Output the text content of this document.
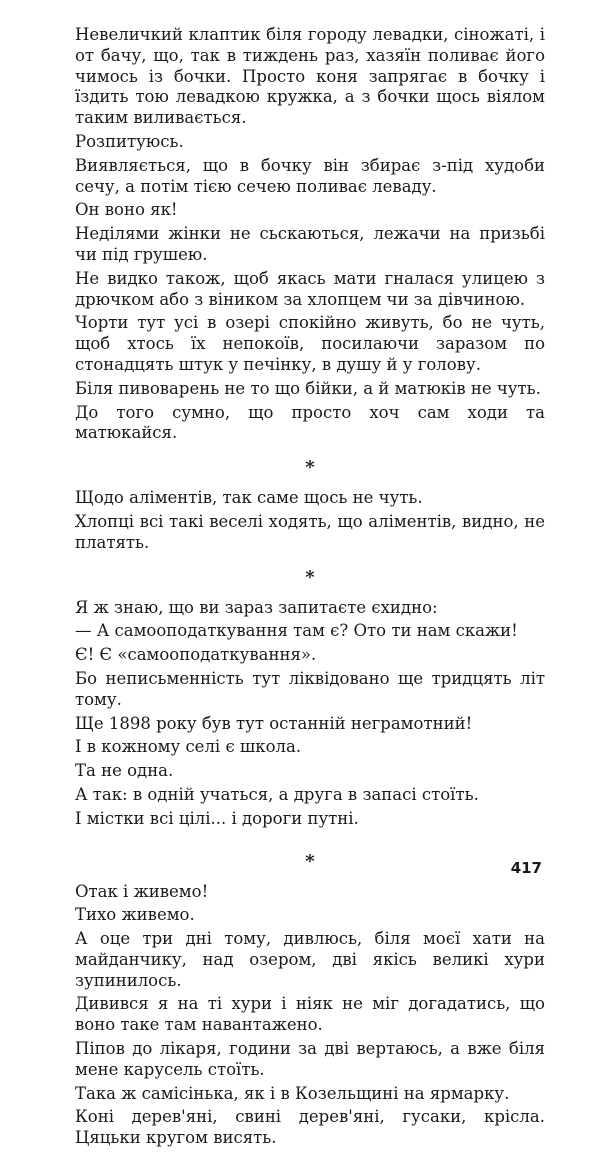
Невеличкий клаптик біля городу левадки, сіножаті, і от бачу, що, так в тиждень раз, хазяїн поливає його чимось із бочки. Просто коня запрягає в бочку і їздить тою левадкою кружка, а з бочки щось віялом таким виливається.

Розпитуюсь.

Виявляється, що в бочку він збирає з-під худоби сечу, а потім тією сечею поливає леваду.

Он воно як!

Неділями жінки не сьскаються, лежачи на призьбі чи під грушею.

Не видко також, щоб якась мати гналася улицею з дрючком або з віником за хлопцем чи за дівчиною.

Чорти тут усі в озері спокійно живуть, бо не чуть, щоб хтось їх непокоїв, посилаючи заразом по стонадцять штук у печінку, в душу й у голову.

Біля пивоварень не то що бійки, а й матюків не чуть.

До того сумно, що просто хоч сам ходи та матюкайся.

*

Щодо аліментів, так саме щось не чуть.

Хлопці всі такі веселі ходять, що аліментів, видно, не платять.

*

Я ж знаю, що ви зараз запитаєте єхидно:

— А самооподаткування там є? Ото ти нам скажи!

Є! Є «самооподаткування».

Бо неписьменність тут ліквідовано ще тридцять літ тому.

Ще 1898 року був тут останній неграмотний!

І в кожному селі є школа.

Та не одна.

А так: в одній учаться, а друга в запасі стоїть.

І містки всі цілі... і дороги путні.

*

Отак і живемо!

Тихо живемо.

А оце три дні тому, дивлюсь, біля моєї хати на майданчику, над озером, дві якісь великі хури зупинилось.

Дивився я на ті хури і ніяк не міг догадатись, що воно таке там навантажено.

Піпов до лікаря, години за дві вертаюсь, а вже біля мене карусель стоїть.

Така ж самісінька, як і в Козельщині на ярмарку.

Коні дерев'яні, свині дерев'яні, гусаки, крісла. Цяцьки кругом висять.

417
